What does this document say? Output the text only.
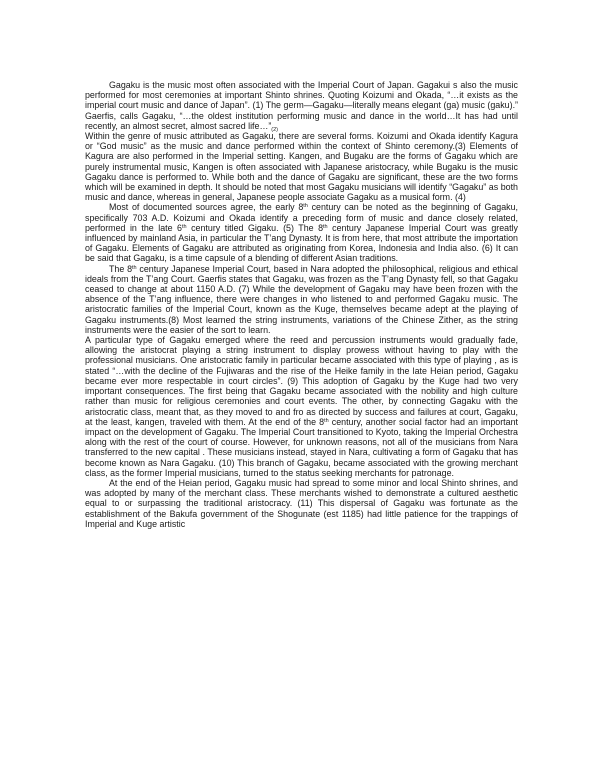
Gagaku is the music most often associated with the Imperial Court of Japan. Gagakui s also the music performed for most ceremonies at important Shinto shrines. Quoting Koizumi and Okada, “…it exists as the imperial court music and dance of Japan”. (1) The germ—Gagaku—literally means elegant (ga) music (gaku).” Gaerfis, calls Gagaku, “…the oldest institution performing music and dance in the world…It has had until recently, an almost secret, almost sacred $life\dots”_{(2)}$

Within the genre of music attributed as Gagaku, there are several forms. Koizumi and Okada identify Kagura or “God music” as the music and dance performed within the context of Shinto ceremony.(3) Elements of Kagura are also performed in the Imperial setting. Kangen, and Bugaku are the forms of Gagaku which are purely instrumental music, Kangen is often associated with Japanese aristocracy, while Bugaku is the music Gagaku dance is performed to. While both and the dance of Gagaku are significant, these are the two forms which will be examined in depth. It should be noted that most Gagaku musicians will identify “Gagaku” as both music and dance, whereas in general, Japanese people associate Gagaku as a musical form. (4)

Most of documented sources agree, the early 8th century can be noted as the beginning of Gagaku, specifically 703 A.D. Koizumi and Okada identify a preceding form of music and dance closely related, performed in the late 6th century titled Gigaku. (5) The 8th century Japanese Imperial Court was greatly influenced by mainland Asia, in particular the T’ang Dynasty. It is from here, that most attribute the importation of Gagaku. Elements of Gagaku are attributed as originating from Korea, Indonesia and India also. (6) It can be said that Gagaku, is a time capsule of a blending of different Asian traditions.

The 8th century Japanese Imperial Court, based in Nara adopted the philosophical, religious and ethical ideals from the T’ang Court. Gaerfis states that Gagaku, was frozen as the T’ang Dynasty fell, so that Gagaku ceased to change at about 1150 A.D. (7) While the development of Gagaku may have been frozen with the absence of the T’ang influence, there were changes in who listened to and performed Gagaku music. The aristocratic families of the Imperial Court, known as the Kuge, themselves became adept at the playing of Gagaku instruments.(8) Most learned the string instruments, variations of the Chinese Zither, as the string instruments were the easier of the sort to learn.

A particular type of Gagaku emerged where the reed and percussion instruments would gradually fade, allowing the aristocrat playing a string instrument to display prowess without having to play with the professional musicians. One aristocratic family in particular became associated with this type of playing , as is stated “…with the decline of the Fujiwaras and the rise of the Heike family in the late Heian period, Gagaku became ever more respectable in court circles”. (9) This adoption of Gagaku by the Kuge had two very important consequences. The first being that Gagaku became associated with the nobility and high culture rather than music for religious ceremonies and court events. The other, by connecting Gagaku with the aristocratic class, meant that, as they moved to and fro as directed by success and failures at court, Gagaku, at the least, kangen, traveled with them. At the end of the 8th century, another social factor had an important impact on the development of Gagaku. The Imperial Court transitioned to Kyoto, taking the Imperial Orchestra along with the rest of the court of course. However, for unknown reasons, not all of the musicians from Nara transferred to the new capital . These musicians instead, stayed in Nara, cultivating a form of Gagaku that has become known as Nara Gagaku. (10) This branch of Gagaku, became associated with the growing merchant class, as the former Imperial musicians, turned to the status seeking merchants for patronage.

At the end of the Heian period, Gagaku music had spread to some minor and local Shinto shrines, and was adopted by many of the merchant class. These merchants wished to demonstrate a cultured aesthetic equal to or surpassing the traditional aristocracy. (11) This dispersal of Gagaku was fortunate as the establishment of the Bakufa government of the Shogunate (est 1185) had little patience for the trappings of Imperial and Kuge artistic
